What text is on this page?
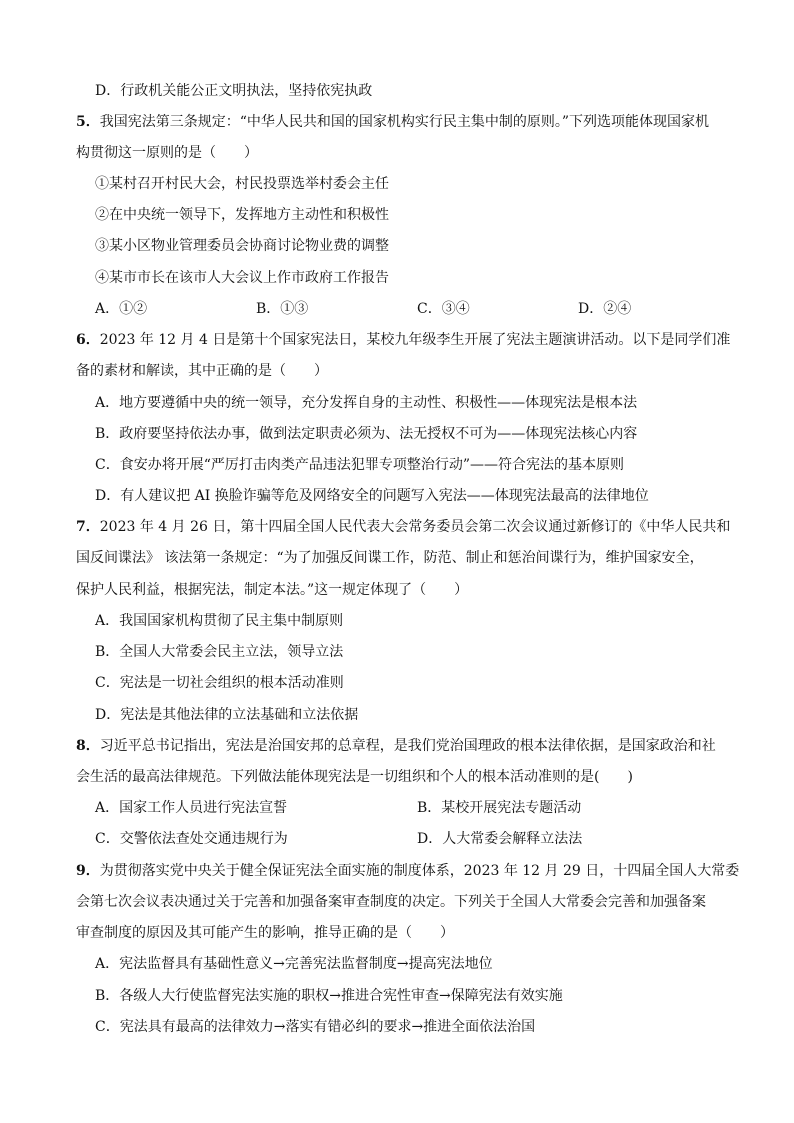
D．行政机关能公正文明执法，坚持依宪执政
5．我国宪法第三条规定：“中华人民共和国的国家机构实行民主集中制的原则。”下列选项能体现国家机
构贯彻这一原则的是（　　）
①某村召开村民大会，村民投票选举村委会主任
②在中央统一领导下，发挥地方主动性和积极性
③某小区物业管理委员会协商讨论物业费的调整
④某市市长在该市人大会议上作市政府工作报告
A．①②	B．①③	C．③④	D．②④
6．2023 年 12 月 4 日是第十个国家宪法日，某校九年级李生开展了宪法主题演讲活动。以下是同学们准
备的素材和解读，其中正确的是（　　）
A．地方要遵循中央的统一领导，充分发挥自身的主动性、积极性——体现宪法是根本法
B．政府要坚持依法办事，做到法定职责必须为、法无授权不可为——体现宪法核心内容
C．食安办将开展“严厉打击肉类产品违法犯罪专项整治行动”——符合宪法的基本原则
D．有人建议把 AI 换脸诈骗等危及网络安全的问题写入宪法——体现宪法最高的法律地位
7．2023 年 4 月 26 日，第十四届全国人民代表大会常务委员会第二次会议通过新修订的《中华人民共和
国反间谍法》 该法第一条规定：“为了加强反间谍工作，防范、制止和惩治间谍行为，维护国家安全，
保护人民利益，根据宪法，制定本法。”这一规定体现了（　　）
A．我国国家机构贯彻了民主集中制原则
B．全国人大常委会民主立法，领导立法
C．宪法是一切社会组织的根本活动准则
D．宪法是其他法律的立法基础和立法依据
8．习近平总书记指出，宪法是治国安邦的总章程，是我们党治国理政的根本法律依据，是国家政治和社
会生活的最高法律规范。下列做法能体现宪法是一切组织和个人的根本活动准则的是(　　)
A．国家工作人员进行宪法宣誓	B．某校开展宪法专题活动
C．交警依法查处交通违规行为	D．人大常委会解释立法法
9．为贯彻落实党中央关于健全保证宪法全面实施的制度体系，2023 年 12 月 29 日，十四届全国人大常委
会第七次会议表决通过关于完善和加强备案审查制度的决定。下列关于全国人大常委会完善和加强备案
审查制度的原因及其可能产生的影响，推导正确的是（　　）
A．宪法监督具有基础性意义→完善宪法监督制度→提高宪法地位
B．各级人大行使监督宪法实施的职权→推进合宪性审查→保障宪法有效实施
C．宪法具有最高的法律效力→落实有错必纠的要求→推进全面依法治国
